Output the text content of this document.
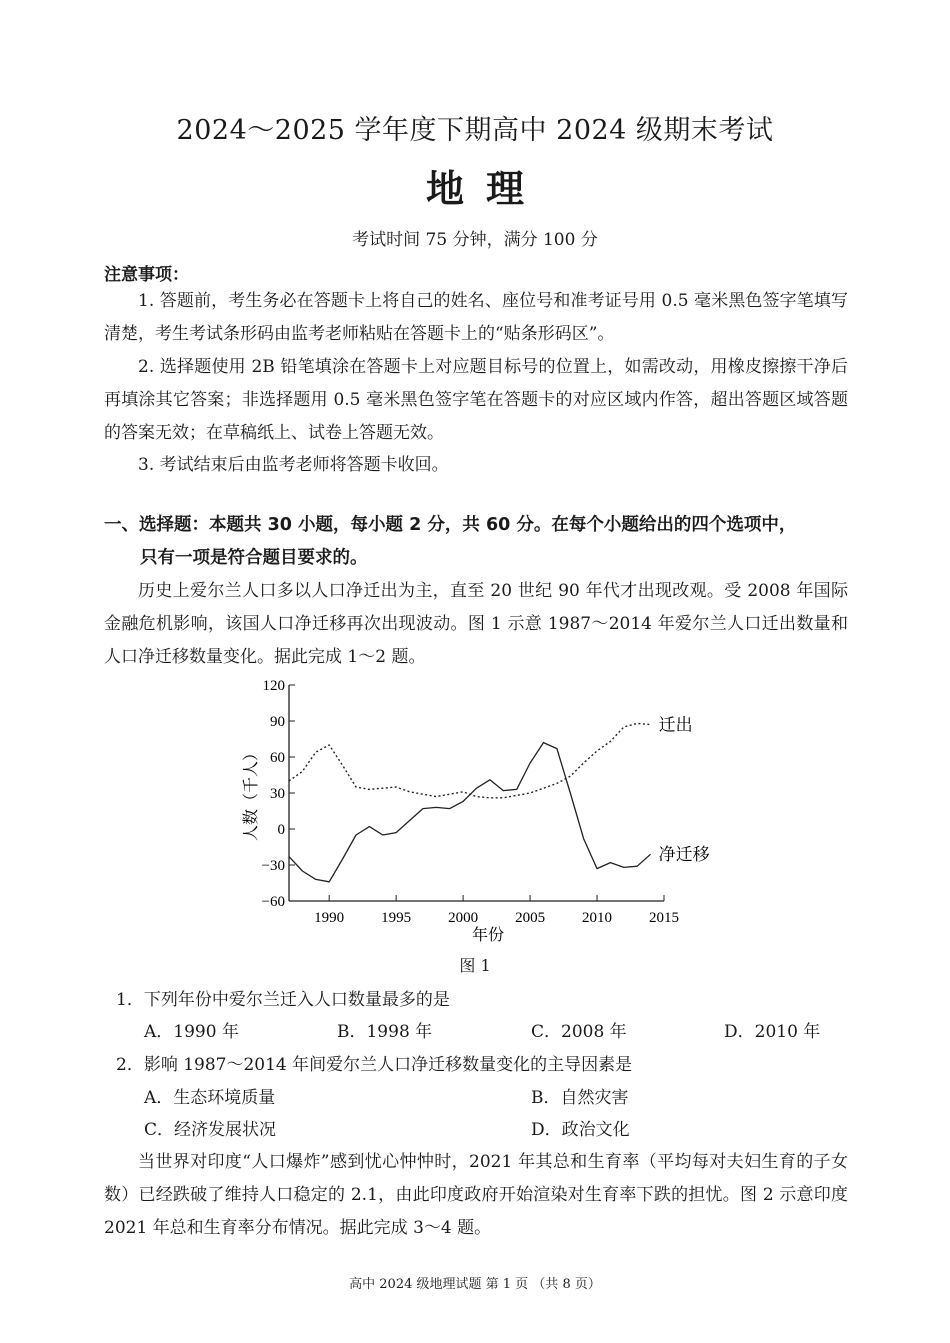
2024～2025 学年度下期高中 2024 级期末考试
地理
考试时间 75 分钟，满分 100 分
注意事项：
1. 答题前，考生务必在答题卡上将自己的姓名、座位号和准考证号用 0.5 毫米黑色签字笔填写清楚，考生考试条形码由监考老师粘贴在答题卡上的“贴条形码区”。
2. 选择题使用 2B 铅笔填涂在答题卡上对应题目标号的位置上，如需改动，用橡皮擦擦干净后再填涂其它答案；非选择题用 0.5 毫米黑色签字笔在答题卡的对应区域内作答，超出答题区域答题的答案无效；在草稿纸上、试卷上答题无效。
3. 考试结束后由监考老师将答题卡收回。
一、选择题：本题共 30 小题，每小题 2 分，共 60 分。在每个小题给出的四个选项中，
只有一项是符合题目要求的。
历史上爱尔兰人口多以人口净迁出为主，直至 20 世纪 90 年代才出现改观。受 2008 年国际金融危机影响，该国人口净迁移再次出现波动。图 1 示意 1987～2014 年爱尔兰人口迁出数量和人口净迁移数量变化。据此完成 1～2 题。
120
90
60
30
0
−30
−60
1990 1995 2000 2005 2010 2015
年份
人数（千人）
迁出
净迁移
图 1
1．下列年份中爱尔兰迁入人口数量最多的是
A．1990 年	B．1998 年	C．2008 年	D．2010 年
2．影响 1987～2014 年间爱尔兰人口净迁移数量变化的主导因素是
A．生态环境质量	B．自然灾害
C．经济发展状况	D．政治文化
当世界对印度“人口爆炸”感到忧心忡忡时，2021 年其总和生育率（平均每对夫妇生育的子女数）已经跌破了维持人口稳定的 2.1，由此印度政府开始渲染对生育率下跌的担忧。图 2 示意印度 2021 年总和生育率分布情况。据此完成 3～4 题。
高中 2024 级地理试题 第 1 页 （共 8 页）
